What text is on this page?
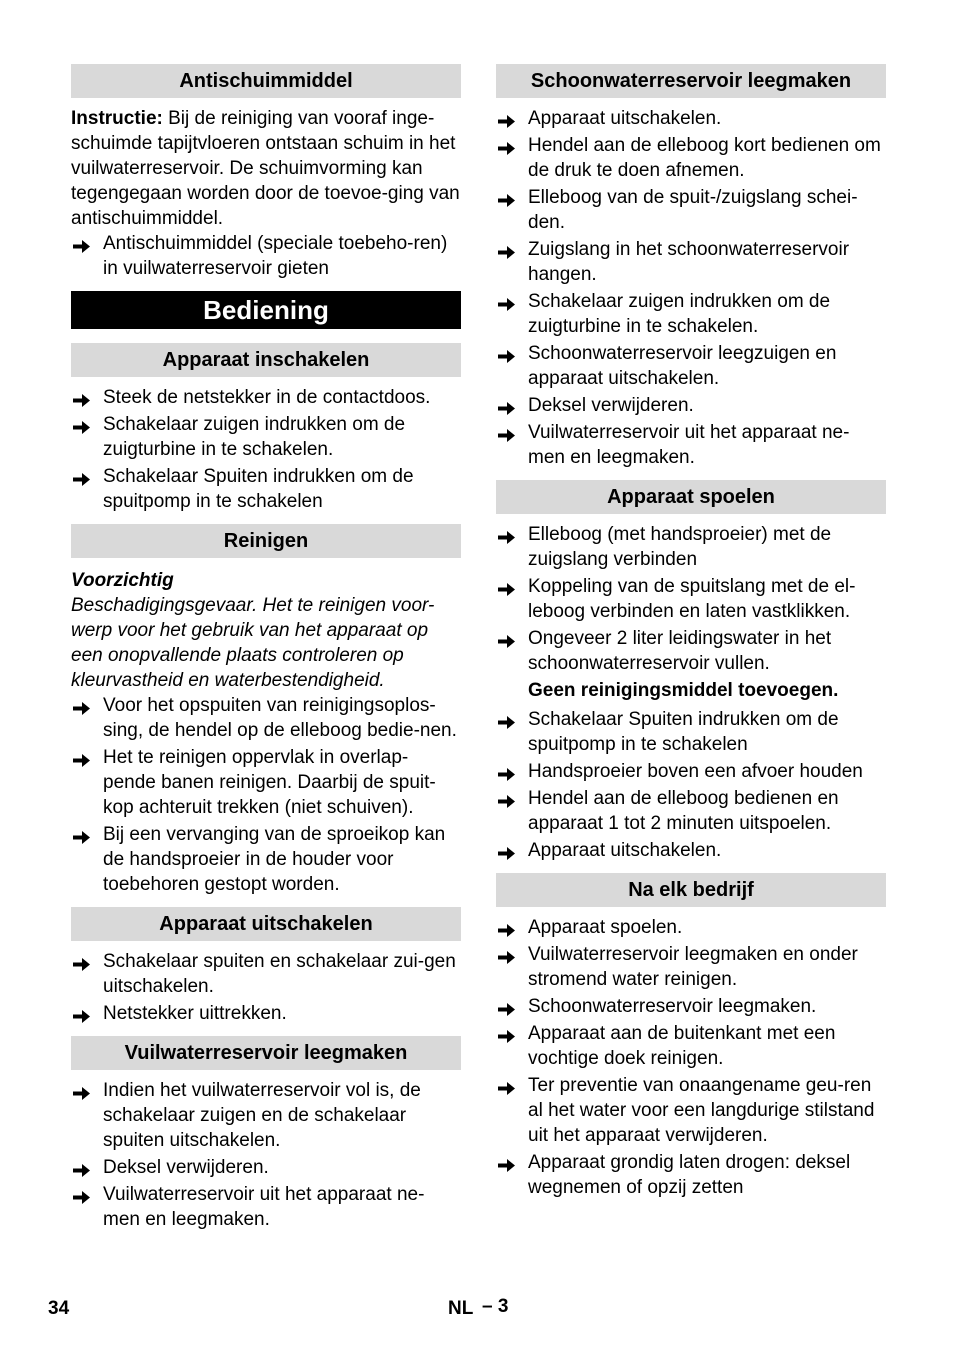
Antischuimmiddel

Instructie: Bij de reiniging van vooraf inge-schuimde tapijtvloeren ontstaan schuim in het vuilwaterreservoir. De schuimvorming kan tegengegaan worden door de toevoe-ging van antischuimmiddel.

Antischuimmiddel (speciale toebeho-ren) in vuilwaterreservoir gieten
Bediening
Apparaat inschakelen
Steek de netstekker in de contactdoos.
Schakelaar zuigen indrukken om de zuigturbine in te schakelen.
Schakelaar Spuiten indrukken om de spuitpomp in te schakelen
Reinigen

Voorzichtig

Beschadigingsgevaar. Het te reinigen voor-werp voor het gebruik van het apparaat op een onopvallende plaats controleren op kleurvastheid en waterbestendigheid.

Voor het opspuiten van reinigingsoplos-sing, de hendel op de elleboog bedie-nen.
Het te reinigen oppervlak in overlap-pende banen reinigen. Daarbij de spuit-kop achteruit trekken (niet schuiven).
Bij een vervanging van de sproeikop kan de handsproeier in de houder voor toebehoren gestopt worden.
Apparaat uitschakelen
Schakelaar spuiten en schakelaar zui-gen uitschakelen.
Netstekker uittrekken.
Vuilwaterreservoir leegmaken
Indien het vuilwaterreservoir vol is, de schakelaar zuigen en de schakelaar spuiten uitschakelen.
Deksel verwijderen.
Vuilwaterreservoir uit het apparaat ne-men en leegmaken.
Schoonwaterreservoir leegmaken
Apparaat uitschakelen.
Hendel aan de elleboog kort bedienen om de druk te doen afnemen.
Elleboog van de spuit-/zuigslang schei-den.
Zuigslang in het schoonwaterreservoir hangen.
Schakelaar zuigen indrukken om de zuigturbine in te schakelen.
Schoonwaterreservoir leegzuigen en apparaat uitschakelen.
Deksel verwijderen.
Vuilwaterreservoir uit het apparaat ne-men en leegmaken.
Apparaat spoelen
Elleboog (met handsproeier) met de zuigslang verbinden
Koppeling van de spuitslang met de el-leboog verbinden en laten vastklikken.
Ongeveer 2 liter leidingswater in het schoonwaterreservoir vullen.
Geen reinigingsmiddel toevoegen.
Schakelaar Spuiten indrukken om de spuitpomp in te schakelen
Handsproeier boven een afvoer houden
Hendel aan de elleboog bedienen en apparaat 1 tot 2 minuten uitspoelen.
Apparaat uitschakelen.
Na elk bedrijf
Apparaat spoelen.
Vuilwaterreservoir leegmaken en onder stromend water reinigen.
Schoonwaterreservoir leegmaken.
Apparaat aan de buitenkant met een vochtige doek reinigen.
Ter preventie van onaangename geu-ren al het water voor een langdurige stilstand uit het apparaat verwijderen.
Apparaat grondig laten drogen: deksel wegnemen of opzij zetten
34	NL – 3
